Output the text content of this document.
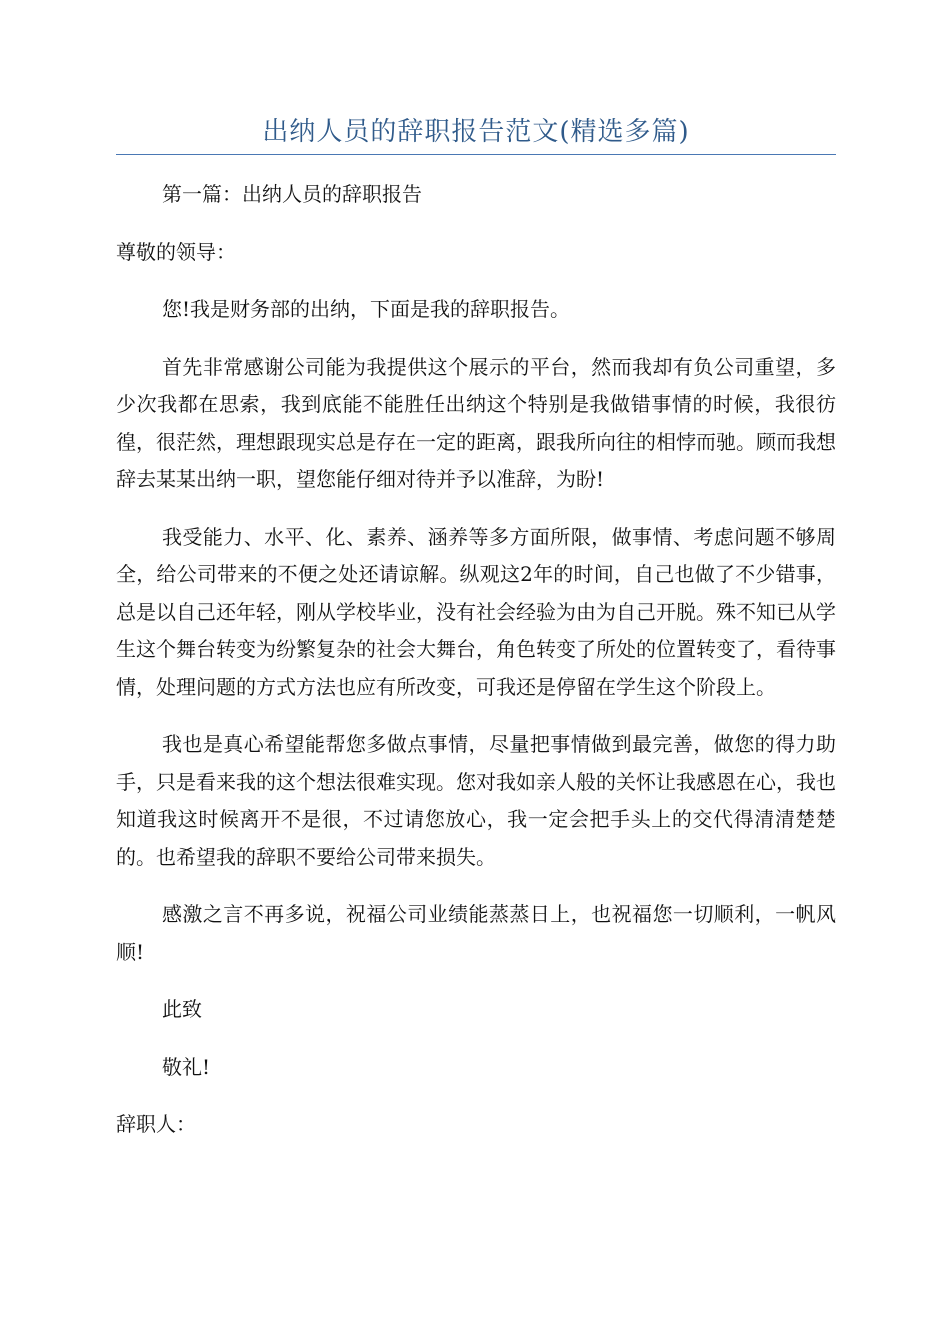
出纳人员的辞职报告范文(精选多篇)

第一篇：出纳人员的辞职报告

尊敬的领导：

您!我是财务部的出纳，下面是我的辞职报告。

首先非常感谢公司能为我提供这个展示的平台，然而我却有负公司重望，多少次我都在思索，我到底能不能胜任出纳这个特别是我做错事情的时候，我很彷徨，很茫然，理想跟现实总是存在一定的距离，跟我所向往的相悖而驰。顾而我想辞去某某出纳一职，望您能仔细对待并予以准辞，为盼!

我受能力、水平、化、素养、涵养等多方面所限，做事情、考虑问题不够周全，给公司带来的不便之处还请谅解。纵观这2年的时间，自己也做了不少错事，总是以自己还年轻，刚从学校毕业，没有社会经验为由为自己开脱。殊不知已从学生这个舞台转变为纷繁复杂的社会大舞台，角色转变了所处的位置转变了，看待事情，处理问题的方式方法也应有所改变，可我还是停留在学生这个阶段上。

我也是真心希望能帮您多做点事情，尽量把事情做到最完善，做您的得力助手，只是看来我的这个想法很难实现。您对我如亲人般的关怀让我感恩在心，我也知道我这时候离开不是很，不过请您放心，我一定会把手头上的交代得清清楚楚的。也希望我的辞职不要给公司带来损失。

感激之言不再多说，祝福公司业绩能蒸蒸日上，也祝福您一切顺利，一帆风顺!

此致

敬礼!

辞职人：
